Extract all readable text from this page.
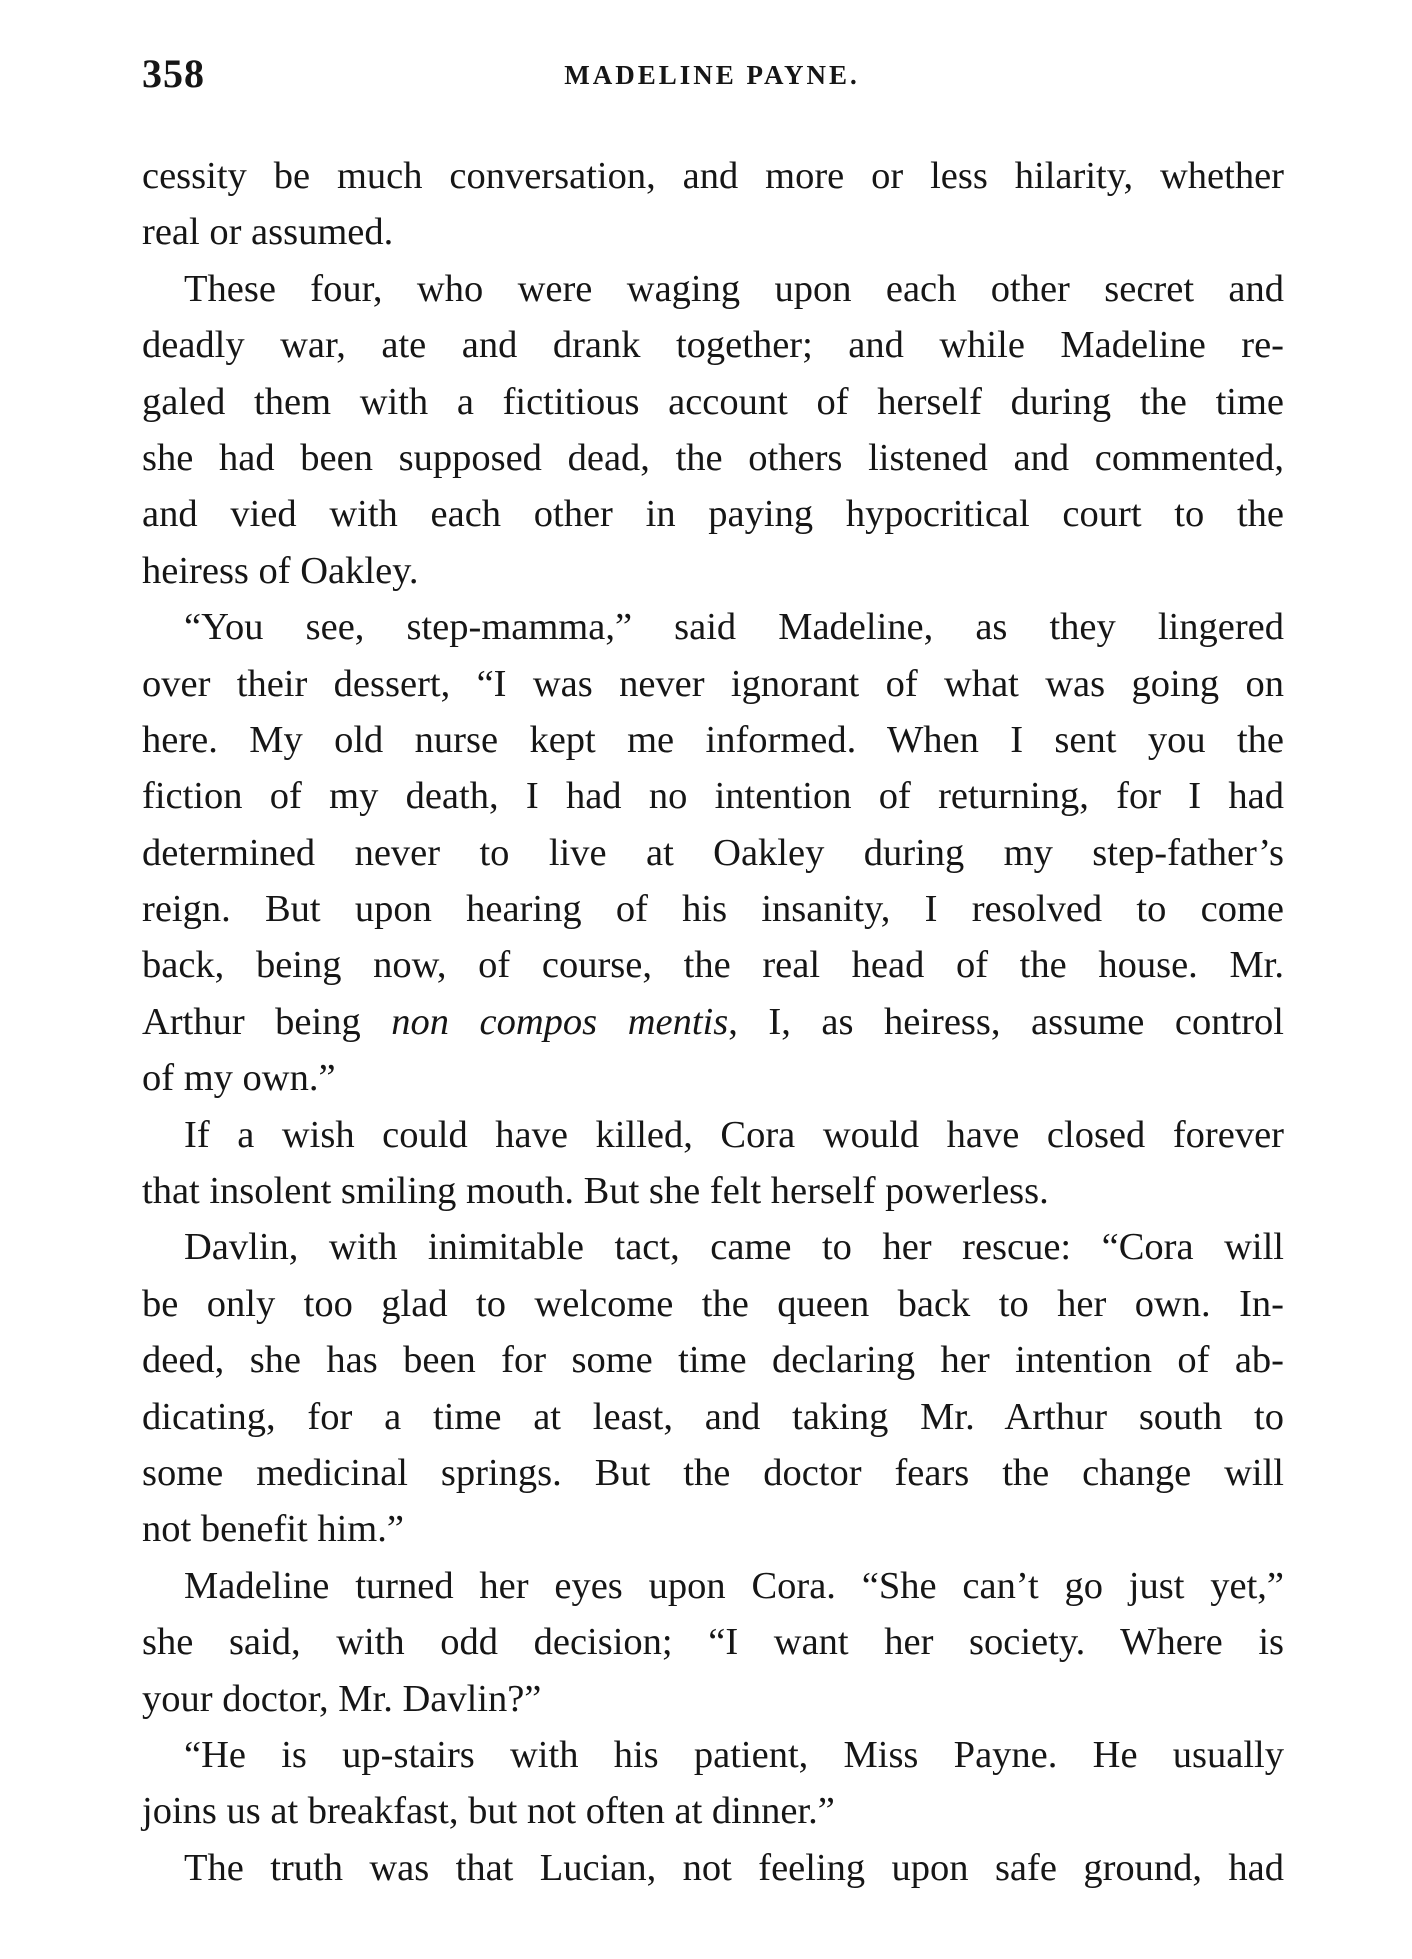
358	MADELINE PAYNE.
cessity be much conversation, and more or less hilarity, whether
real or assumed.
These four, who were waging upon each other secret and
deadly war, ate and drank together; and while Madeline re-
galed them with a fictitious account of herself during the time
she had been supposed dead, the others listened and commented,
and vied with each other in paying hypocritical court to the
heiress of Oakley.
“You see, step-mamma,” said Madeline, as they lingered
over their dessert, “I was never ignorant of what was going on
here. My old nurse kept me informed. When I sent you the
fiction of my death, I had no intention of returning, for I had
determined never to live at Oakley during my step-father’s
reign. But upon hearing of his insanity, I resolved to come
back, being now, of course, the real head of the house. Mr.
Arthur being non compos mentis, I, as heiress, assume control
of my own.”
If a wish could have killed, Cora would have closed forever
that insolent smiling mouth. But she felt herself powerless.
Davlin, with inimitable tact, came to her rescue: “Cora will
be only too glad to welcome the queen back to her own. In-
deed, she has been for some time declaring her intention of ab-
dicating, for a time at least, and taking Mr. Arthur south to
some medicinal springs. But the doctor fears the change will
not benefit him.”
Madeline turned her eyes upon Cora. “She can’t go just yet,”
she said, with odd decision; “I want her society. Where is
your doctor, Mr. Davlin?”
“He is up-stairs with his patient, Miss Payne. He usually
joins us at breakfast, but not often at dinner.”
The truth was that Lucian, not feeling upon safe ground, had
